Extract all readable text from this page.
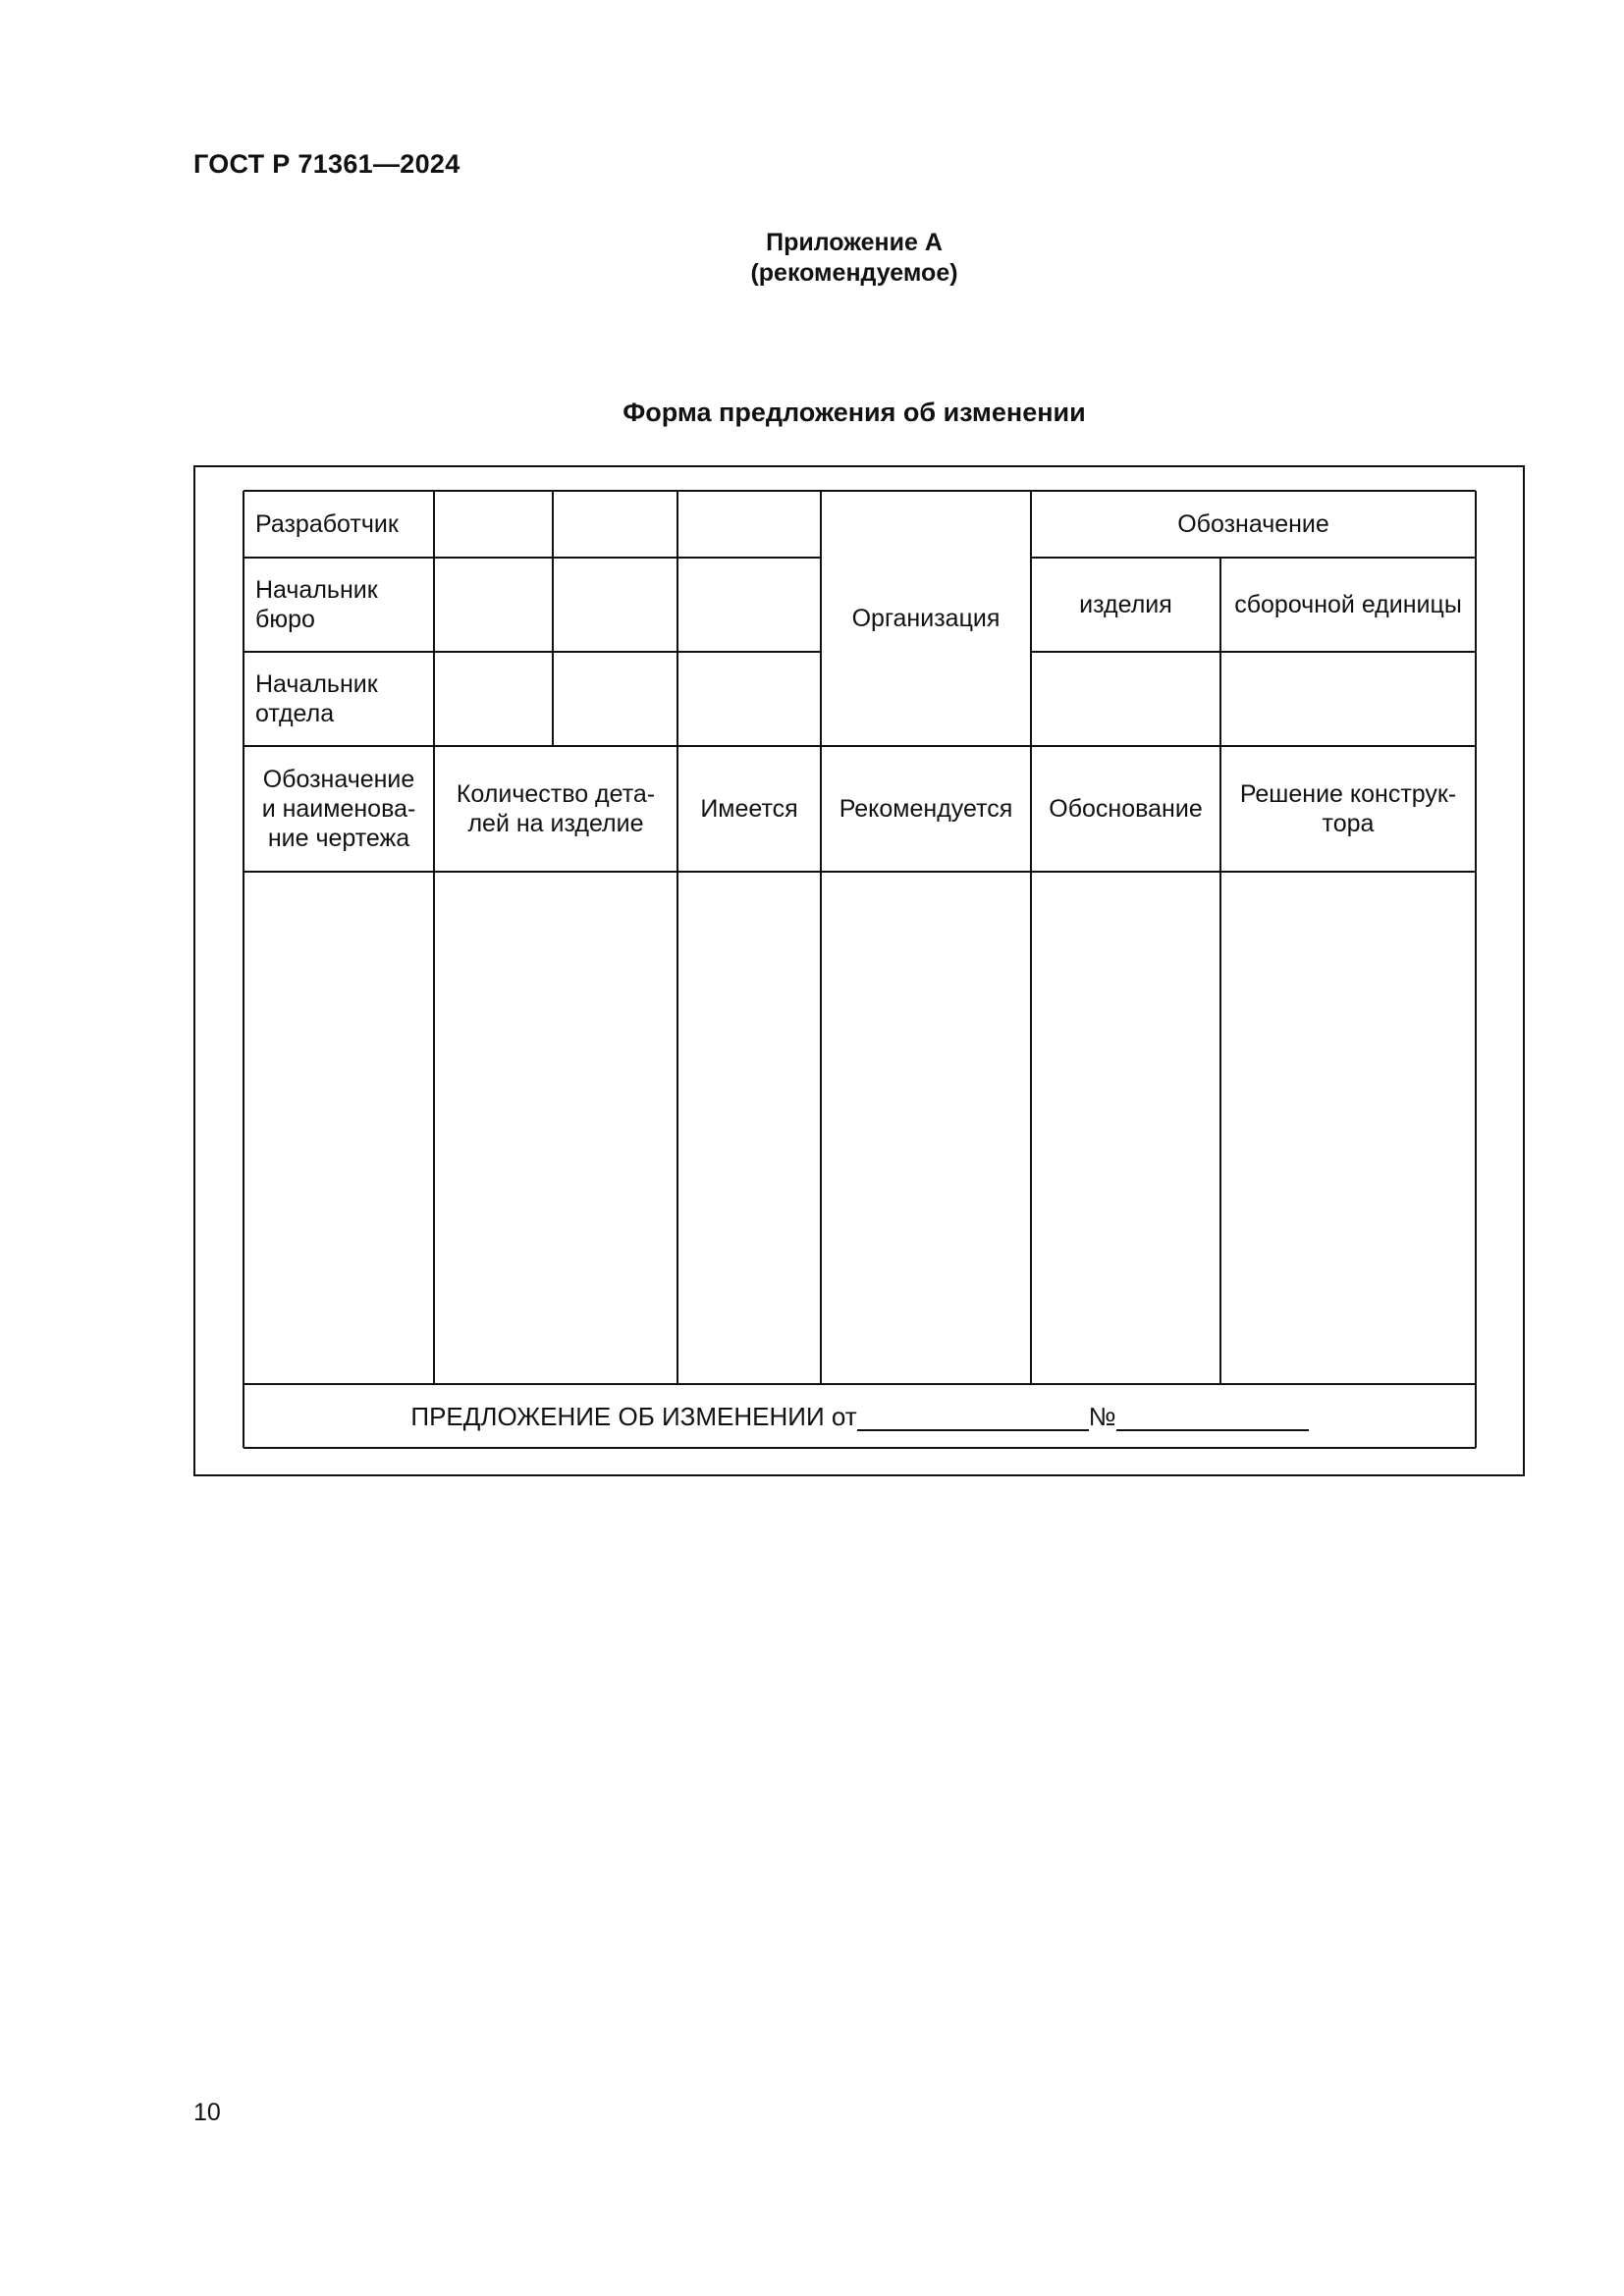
ГОСТ Р 71361—2024
Приложение А
(рекомендуемое)
Форма предложения об изменении
Разработчик
Начальник
бюро
Начальник
отдела
Организация
Обозначение
изделия	сборочной единицы
Обозначение
и наименова-
ние чертежа
Количество дета-
лей на изделие
Имеется Рекомендуется Обоснование
Решение конструк-
тора
ПРЕДЛОЖЕНИЕ ОБ ИЗМЕНЕНИИ от	№
10
